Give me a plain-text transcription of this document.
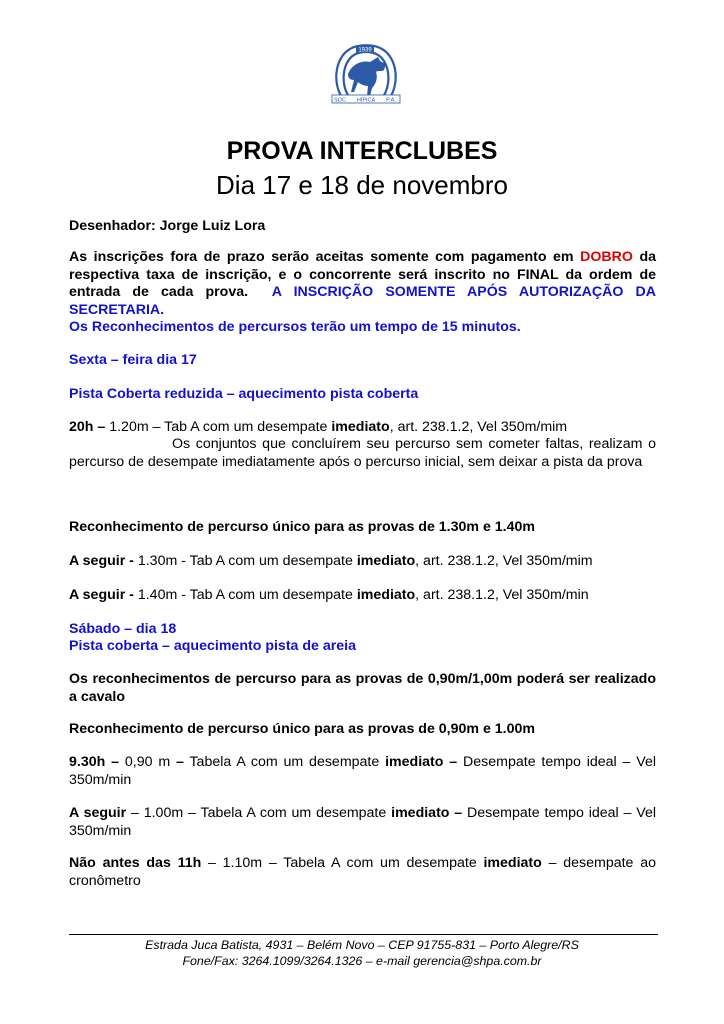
1939
SOC HÍPICA P.A.
PROVA INTERCLUBES
Dia 17 e 18 de novembro
Desenhador: Jorge Luiz Lora
As inscrições fora de prazo serão aceitas somente com pagamento em DOBRO da respectiva taxa de inscrição, e o concorrente será inscrito no FINAL da ordem de entrada de cada prova. A INSCRIÇÃO SOMENTE APÓS AUTORIZAÇÃO DA SECRETARIA.
Os Reconhecimentos de percursos terão um tempo de 15 minutos.
Sexta – feira dia 17
Pista Coberta reduzida – aquecimento pista coberta
20h – 1.20m – Tab A com um desempate imediato, art. 238.1.2, Vel 350m/mim
Os conjuntos que concluírem seu percurso sem cometer faltas, realizam o percurso de desempate imediatamente após o percurso inicial, sem deixar a pista da prova
Reconhecimento de percurso único para as provas de 1.30m e 1.40m
A seguir - 1.30m - Tab A com um desempate imediato, art. 238.1.2, Vel 350m/mim
A seguir - 1.40m - Tab A com um desempate imediato, art. 238.1.2, Vel 350m/min
Sábado – dia 18
Pista coberta – aquecimento pista de areia
Os reconhecimentos de percurso para as provas de 0,90m/1,00m poderá ser realizado a cavalo
Reconhecimento de percurso único para as provas de 0,90m e 1.00m
9.30h – 0,90 m – Tabela A com um desempate imediato – Desempate tempo ideal – Vel 350m/min
A seguir – 1.00m – Tabela A com um desempate imediato – Desempate tempo ideal – Vel 350m/min
Não antes das 11h – 1.10m – Tabela A com um desempate imediato – desempate ao cronômetro
Estrada Juca Batista, 4931 – Belém Novo – CEP 91755-831 – Porto Alegre/RS
Fone/Fax: 3264.1099/3264.1326 – e-mail gerencia@shpa.com.br
